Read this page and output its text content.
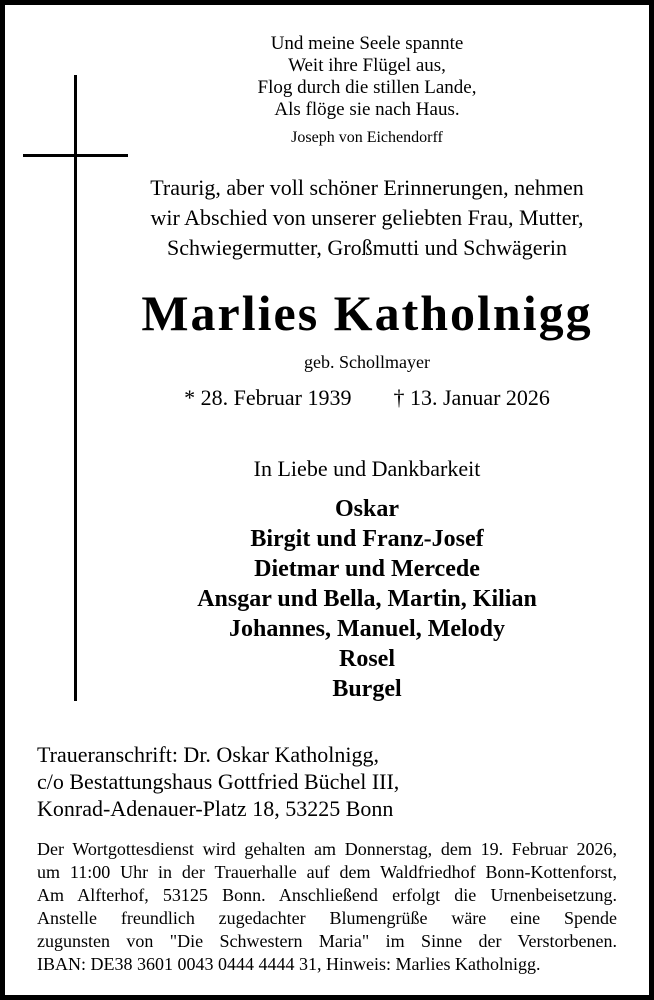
Und meine Seele spannte
Weit ihre Flügel aus,
Flog durch die stillen Lande,
Als flöge sie nach Haus.
Joseph von Eichendorff
Traurig, aber voll schöner Erinnerungen, nehmen
wir Abschied von unserer geliebten Frau, Mutter,
Schwiegermutter, Großmutti und Schwägerin
Marlies Katholnigg
geb. Schollmayer
* 28. Februar 1939 † 13. Januar 2026
In Liebe und Dankbarkeit
Oskar
Birgit und Franz-Josef
Dietmar und Mercede
Ansgar und Bella, Martin, Kilian
Johannes, Manuel, Melody
Rosel
Burgel
Traueranschrift: Dr. Oskar Katholnigg,
c/o Bestattungshaus Gottfried Büchel III,
Konrad-Adenauer-Platz 18, 53225 Bonn
Der Wortgottesdienst wird gehalten am Donnerstag, dem 19. Februar 2026,
um 11:00 Uhr in der Trauerhalle auf dem Waldfriedhof Bonn-Kottenforst,
Am Alfterhof, 53125 Bonn. Anschließend erfolgt die Urnenbeisetzung.
Anstelle freundlich zugedachter Blumengrüße wäre eine Spende
zugunsten von "Die Schwestern Maria" im Sinne der Verstorbenen.
IBAN: DE38 3601 0043 0444 4444 31, Hinweis: Marlies Katholnigg.
